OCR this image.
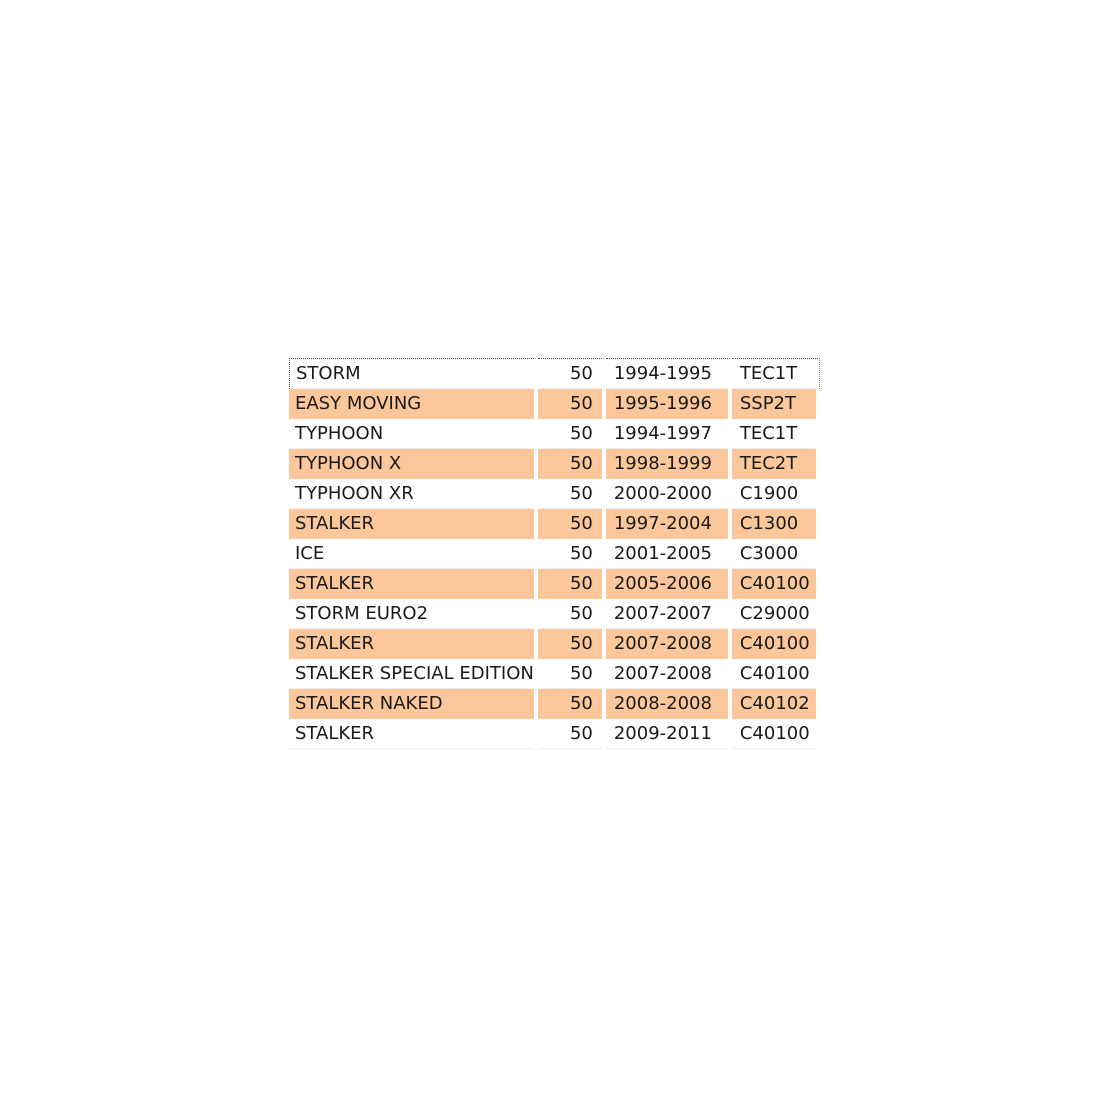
STORM	50	1994-1995	TEC1T
EASY MOVING	50	1995-1996	SSP2T
TYPHOON	50	1994-1997	TEC1T
TYPHOON X	50	1998-1999	TEC2T
TYPHOON XR	50	2000-2000	C1900
STALKER	50	1997-2004	C1300
ICE	50	2001-2005	C3000
STALKER	50	2005-2006	C40100
STORM EURO2	50	2007-2007	C29000
STALKER	50	2007-2008	C40100
STALKER SPECIAL EDITION	50	2007-2008	C40100
STALKER NAKED	50	2008-2008	C40102
STALKER	50	2009-2011	C40100
